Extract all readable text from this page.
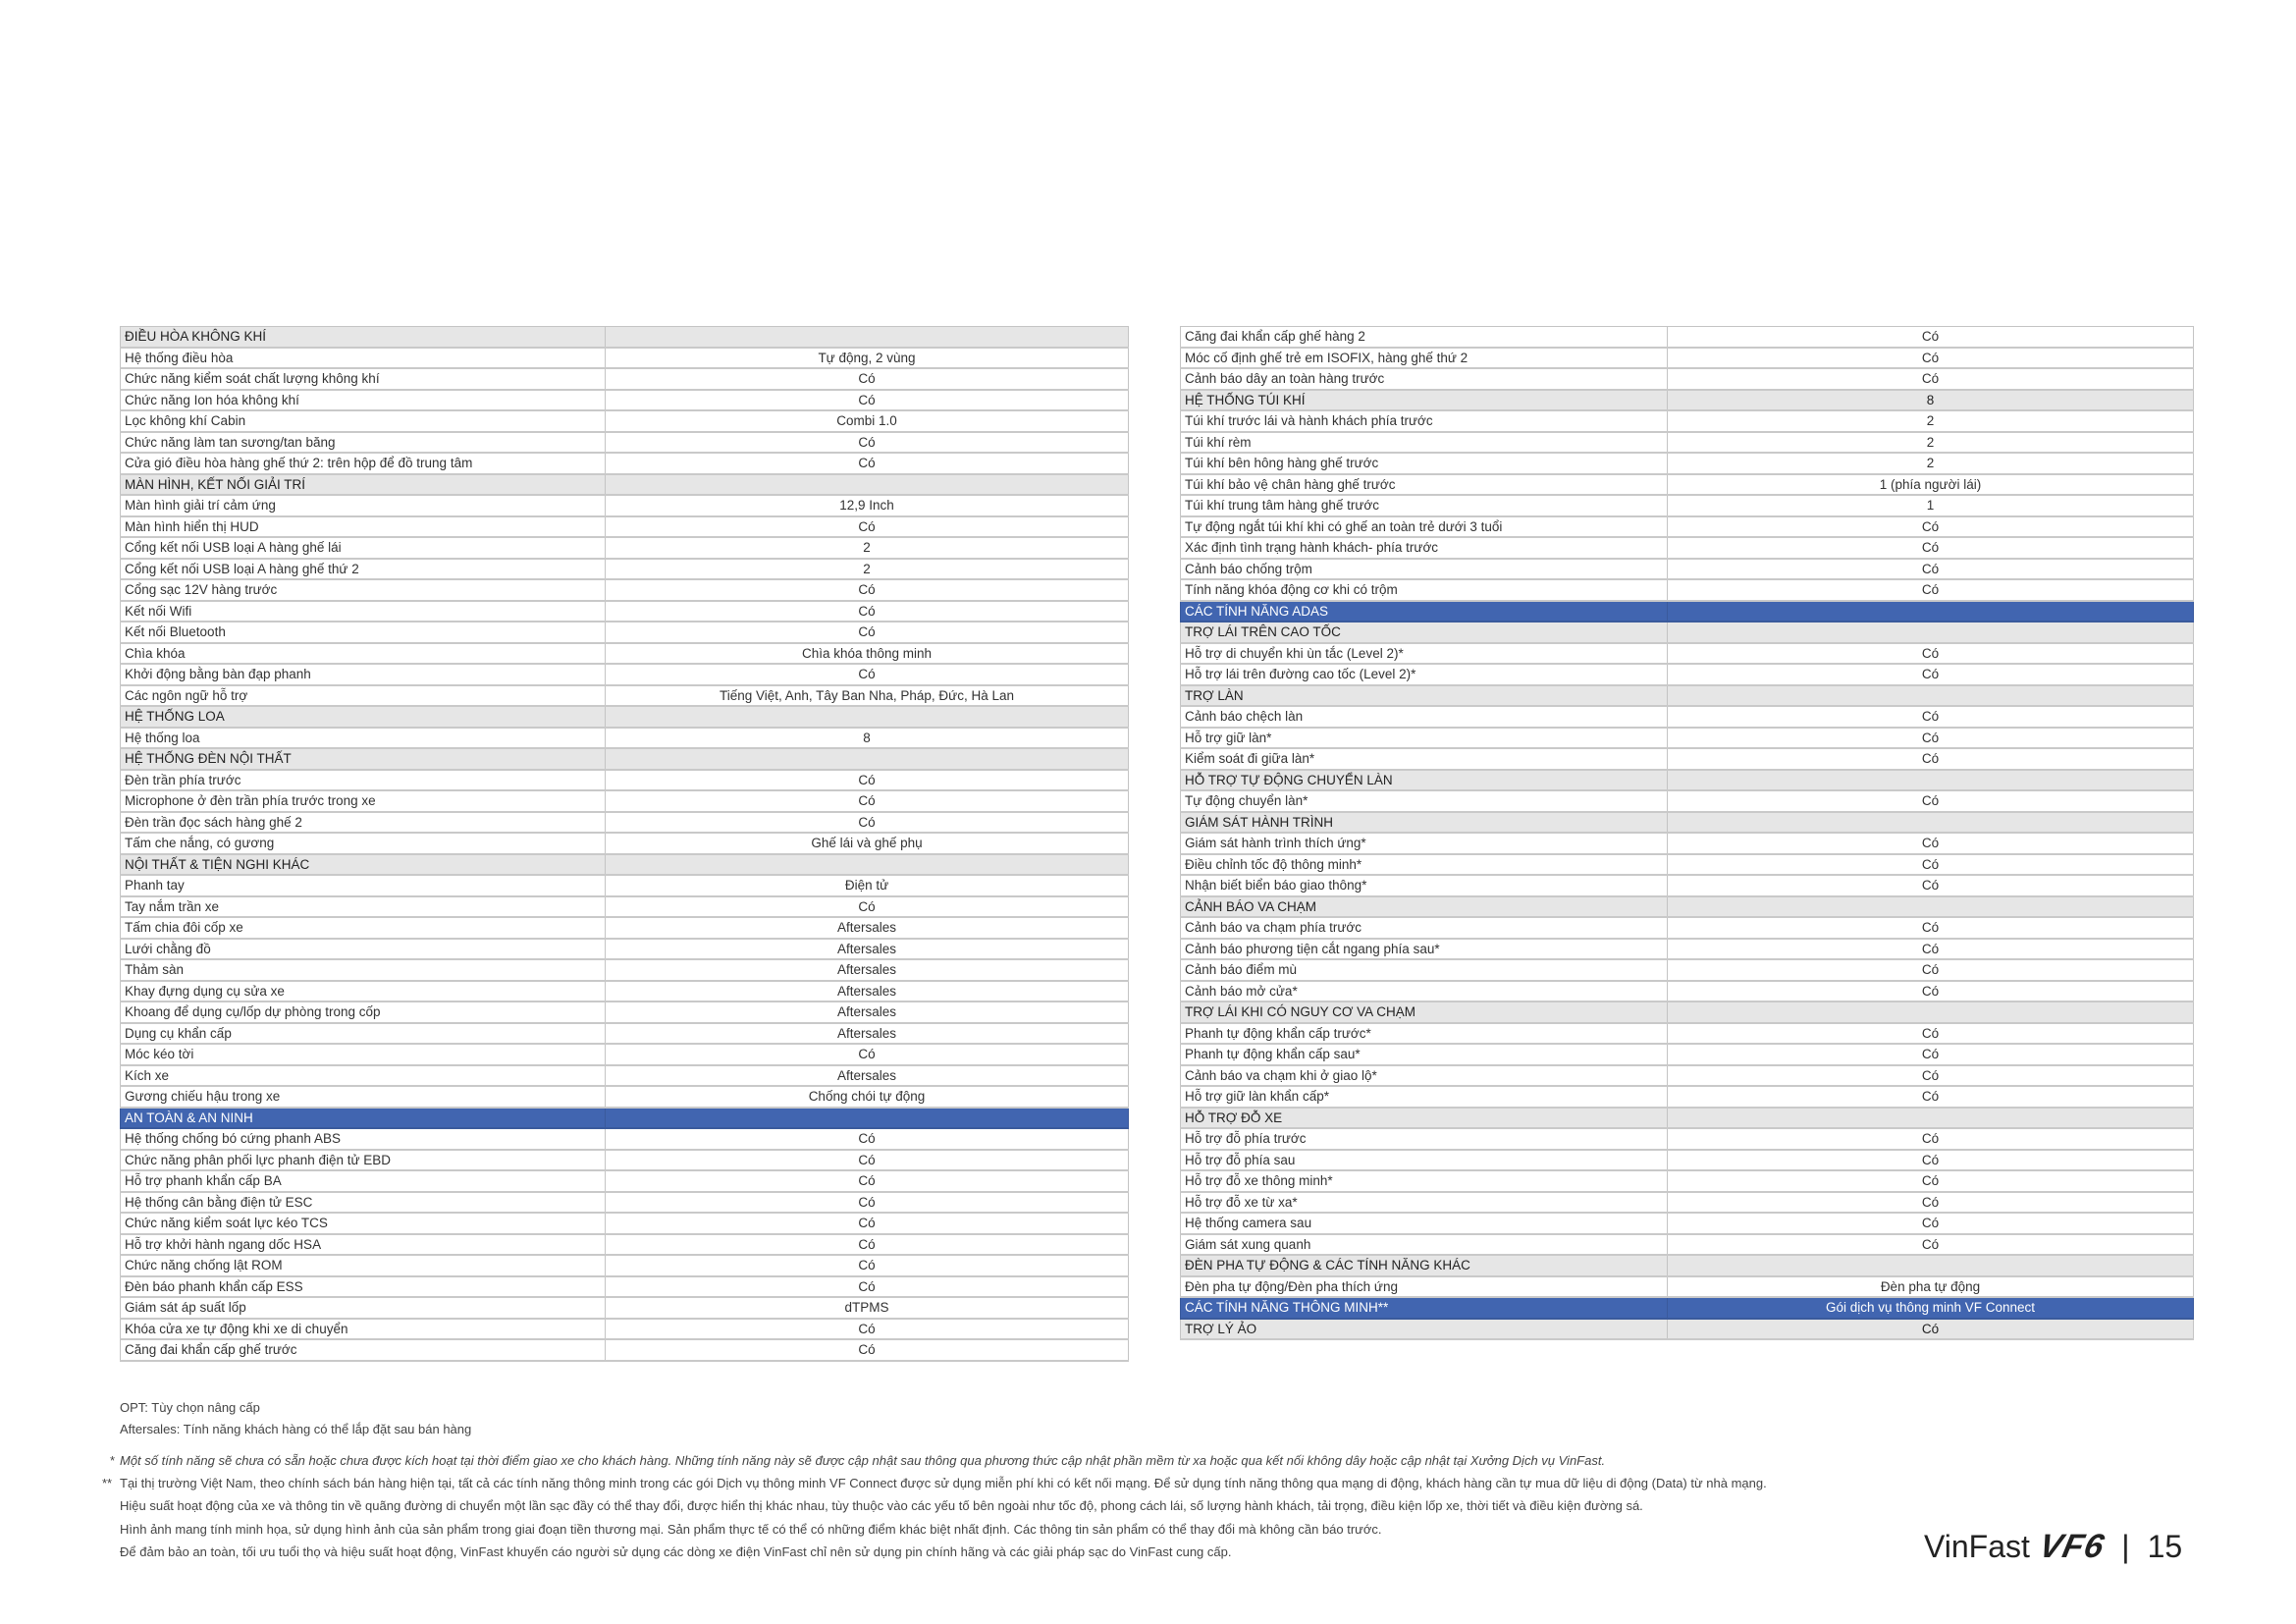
ĐIỀU HÒA KHÔNG KHÍ	
Hệ thống điều hòa	Tự động, 2 vùng
Chức năng kiểm soát chất lượng không khí	Có
Chức năng Ion hóa không khí	Có
Lọc không khí Cabin	Combi 1.0
Chức năng làm tan sương/tan băng	Có
Cửa gió điều hòa hàng ghế thứ 2: trên hộp để đồ trung tâm	Có
MÀN HÌNH, KẾT NỐI GIẢI TRÍ	
Màn hình giải trí cảm ứng	12,9 Inch
Màn hình hiển thị HUD	Có
Cổng kết nối USB loại A hàng ghế lái	2
Cổng kết nối USB loại A hàng ghế thứ 2	2
Cổng sạc 12V hàng trước	Có
Kết nối Wifi	Có
Kết nối Bluetooth	Có
Chìa khóa	Chìa khóa thông minh
Khởi động bằng bàn đạp phanh	Có
Các ngôn ngữ hỗ trợ	Tiếng Việt, Anh, Tây Ban Nha, Pháp, Đức, Hà Lan
HỆ THỐNG LOA	
Hệ thống loa	8
HỆ THỐNG ĐÈN NỘI THẤT	
Đèn trần phía trước	Có
Microphone ở đèn trần phía trước trong xe	Có
Đèn trần đọc sách hàng ghế 2	Có
Tấm che nắng, có gương	Ghế lái và ghế phụ
NỘI THẤT & TIỆN NGHI KHÁC	
Phanh tay	Điện tử
Tay nắm trần xe	Có
Tấm chia đôi cốp xe	Aftersales
Lưới chằng đồ	Aftersales
Thảm sàn	Aftersales
Khay đựng dụng cụ sửa xe	Aftersales
Khoang để dụng cụ/lốp dự phòng trong cốp	Aftersales
Dụng cụ khẩn cấp	Aftersales
Móc kéo tời	Có
Kích xe	Aftersales
Gương chiếu hậu trong xe	Chống chói tự động
AN TOÀN & AN NINH	
Hệ thống chống bó cứng phanh ABS	Có
Chức năng phân phối lực phanh điện tử EBD	Có
Hỗ trợ phanh khẩn cấp BA	Có
Hệ thống cân bằng điện tử ESC	Có
Chức năng kiểm soát lực kéo TCS	Có
Hỗ trợ khởi hành ngang dốc HSA	Có
Chức năng chống lật ROM	Có
Đèn báo phanh khẩn cấp ESS	Có
Giám sát áp suất lốp	dTPMS
Khóa cửa xe tự động khi xe di chuyển	Có
Căng đai khẩn cấp ghế trước	Có
Căng đai khẩn cấp ghế hàng 2	Có
Móc cố định ghế trẻ em ISOFIX, hàng ghế thứ 2	Có
Cảnh báo dây an toàn hàng trước	Có
HỆ THỐNG TÚI KHÍ	8
Túi khí trước lái và hành khách phía trước	2
Túi khí rèm	2
Túi khí bên hông hàng ghế trước	2
Túi khí bảo vệ chân hàng ghế trước	1 (phía người lái)
Túi khí trung tâm hàng ghế trước	1
Tự động ngắt túi khí khi có ghế an toàn trẻ dưới 3 tuổi	Có
Xác định tình trạng hành khách- phía trước	Có
Cảnh báo chống trộm	Có
Tính năng khóa động cơ khi có trộm	Có
CÁC TÍNH NĂNG ADAS	
TRỢ LÁI TRÊN CAO TỐC	
Hỗ trợ di chuyển khi ùn tắc (Level 2)*	Có
Hỗ trợ lái trên đường cao tốc (Level 2)*	Có
TRỢ LÀN	
Cảnh báo chệch làn	Có
Hỗ trợ giữ làn*	Có
Kiểm soát đi giữa làn*	Có
HỖ TRỢ TỰ ĐỘNG CHUYỂN LÀN	
Tự động chuyển làn*	Có
GIÁM SÁT HÀNH TRÌNH	
Giám sát hành trình thích ứng*	Có
Điều chỉnh tốc độ thông minh*	Có
Nhận biết biển báo giao thông*	Có
CẢNH BÁO VA CHẠM	
Cảnh báo va chạm phía trước	Có
Cảnh báo phương tiện cắt ngang phía sau*	Có
Cảnh báo điểm mù	Có
Cảnh báo mở cửa*	Có
TRỢ LÁI KHI CÓ NGUY CƠ VA CHẠM	
Phanh tự động khẩn cấp trước*	Có
Phanh tự động khẩn cấp sau*	Có
Cảnh báo va chạm khi ở giao lộ*	Có
Hỗ trợ giữ làn khẩn cấp*	Có
HỖ TRỢ ĐỖ XE	
Hỗ trợ đỗ phía trước	Có
Hỗ trợ đỗ phía sau	Có
Hỗ trợ đỗ xe thông minh*	Có
Hỗ trợ đỗ xe từ xa*	Có
Hệ thống camera sau	Có
Giám sát xung quanh	Có
ĐÈN PHA TỰ ĐỘNG & CÁC TÍNH NĂNG KHÁC	
Đèn pha tự động/Đèn pha thích ứng	Đèn pha tự động
CÁC TÍNH NĂNG THÔNG MINH**	Gói dịch vụ thông minh VF Connect
TRỢ LÝ ẢO	Có
OPT: Tùy chọn nâng cấp
Aftersales: Tính năng khách hàng có thể lắp đặt sau bán hàng
* Một số tính năng sẽ chưa có sẵn hoặc chưa được kích hoạt tại thời điểm giao xe cho khách hàng. Những tính năng này sẽ được cập nhật sau thông qua phương thức cập nhật phần mềm từ xa hoặc qua kết nối không dây hoặc cập nhật tại Xưởng Dịch vụ VinFast.
** Tại thị trường Việt Nam, theo chính sách bán hàng hiện tại, tất cả các tính năng thông minh trong các gói Dịch vụ thông minh VF Connect được sử dụng miễn phí khi có kết nối mạng. Để sử dụng tính năng thông qua mạng di động, khách hàng cần tự mua dữ liệu di động (Data) từ nhà mạng.
Hiệu suất hoạt động của xe và thông tin về quãng đường di chuyển một lần sạc đầy có thể thay đổi, được hiển thị khác nhau, tùy thuộc vào các yếu tố bên ngoài như tốc độ, phong cách lái, số lượng hành khách, tải trọng, điều kiện lốp xe, thời tiết và điều kiện đường sá.
Hình ảnh mang tính minh họa, sử dụng hình ảnh của sản phẩm trong giai đoạn tiền thương mại. Sản phẩm thực tế có thể có những điểm khác biệt nhất định. Các thông tin sản phẩm có thể thay đổi mà không cần báo trước.
Để đảm bảo an toàn, tối ưu tuổi thọ và hiệu suất hoạt động, VinFast khuyến cáo người sử dụng các dòng xe điện VinFast chỉ nên sử dụng pin chính hãng và các giải pháp sạc do VinFast cung cấp.	VinFast VF6 | 15
